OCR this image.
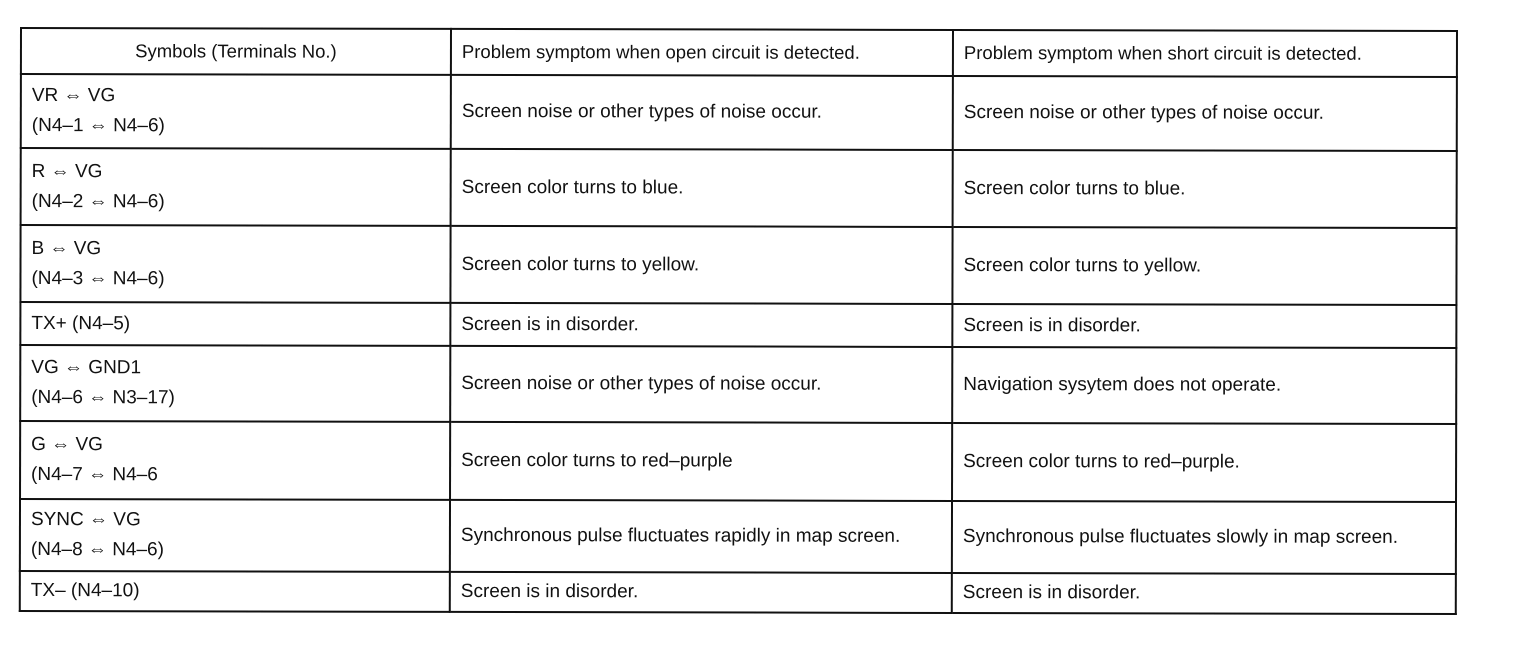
Symbols (Terminals No.)	Problem symptom when open circuit is detected.	Problem symptom when short circuit is detected.

VR ⇔ VG
(N4–1 ⇔ N4–6)	Screen noise or other types of noise occur.	Screen noise or other types of noise occur.

R ⇔ VG
(N4–2 ⇔ N4–6)	Screen color turns to blue.	Screen color turns to blue.

B ⇔ VG
(N4–3 ⇔ N4–6)	Screen color turns to yellow.	Screen color turns to yellow.

TX+ (N4–5)	Screen is in disorder.	Screen is in disorder.

VG ⇔ GND1
(N4–6 ⇔ N3–17)	Screen noise or other types of noise occur.	Navigation sysytem does not operate.

G ⇔ VG
(N4–7 ⇔ N4–6	Screen color turns to red–purple	Screen color turns to red–purple.

SYNC ⇔ VG
(N4–8 ⇔ N4–6)	Synchronous pulse fluctuates rapidly in map screen.	Synchronous pulse fluctuates slowly in map screen.

TX– (N4–10)	Screen is in disorder.	Screen is in disorder.
